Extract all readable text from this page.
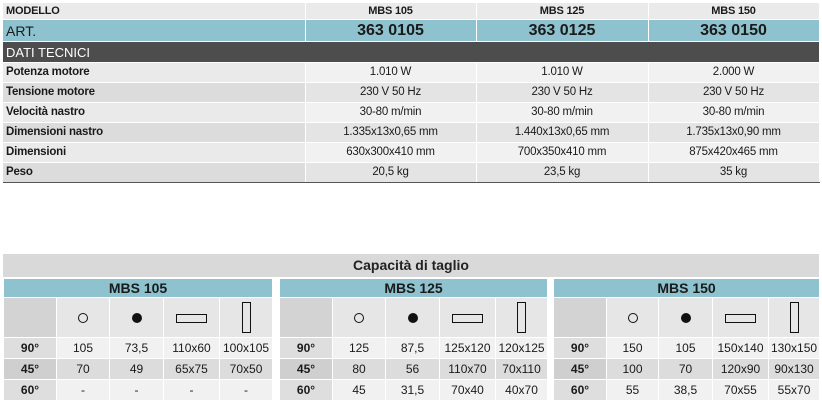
MODELLO	MBS 105	MBS 125	MBS 150
ART.	363 0105	363 0125	363 0150
DATI TECNICI			
Potenza motore	1.010 W	1.010 W	2.000 W
Tensione motore	230 V 50 Hz	230 V 50 Hz	230 V 50 Hz
Velocità nastro	30-80 m/min	30-80 m/min	30-80 m/min
Dimensioni nastro	1.335x13x0,65 mm	1.440x13x0,65 mm	1.735x13x0,90 mm
Dimensioni	630x300x410 mm	700x350x410 mm	875x420x465 mm
Peso	20,5 kg	23,5 kg	35 kg
Capacità di taglio
MBS 105				

90°	105	73,5	110x60	100x105
45°	70	49	65x75	70x50
60°	-	-	-	-
MBS 125				

90°	125	87,5	125x120	120x125
45°	80	56	110x70	70x110
60°	45	31,5	70x40	40x70
MBS 150				

90°	150	105	150x140	130x150
45°	100	70	120x90	90x130
60°	55	38,5	70x55	55x70
